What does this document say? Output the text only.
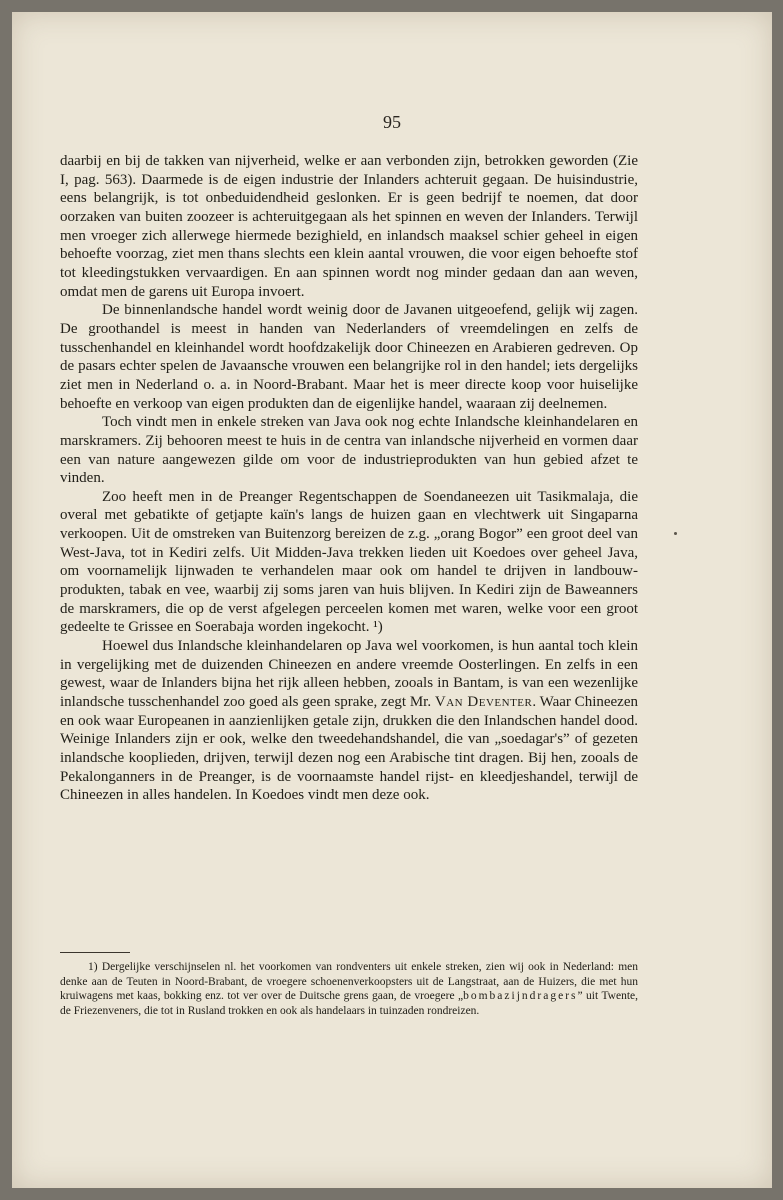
95

daarbij en bij de takken van nijverheid, welke er aan verbonden zijn, betrokken geworden (Zie I, pag. 563). Daarmede is de eigen industrie der Inlanders achteruit gegaan. De huisindustrie, eens belangrijk, is tot onbeduidendheid geslonken. Er is geen bedrijf te noemen, dat door oorzaken van buiten zoozeer is achteruitgegaan als het spinnen en weven der Inlanders. Terwijl men vroeger zich allerwege hiermede bezighield, en inlandsch maaksel schier geheel in eigen behoefte voorzag, ziet men thans slechts een klein aantal vrouwen, die voor eigen behoefte stof tot kleedingstukken vervaardigen. En aan spinnen wordt nog minder gedaan dan aan weven, omdat men de garens uit Europa invoert.

De binnenlandsche handel wordt weinig door de Javanen uitgeoefend, gelijk wij zagen. De groothandel is meest in handen van Nederlanders of vreemdelingen en zelfs de tusschenhandel en kleinhandel wordt hoofdzakelijk door Chineezen en Arabieren gedreven. Op de pasars echter spelen de Javaansche vrouwen een belangrijke rol in den handel; iets dergelijks ziet men in Nederland o. a. in Noord-Brabant. Maar het is meer directe koop voor huiselijke behoefte en verkoop van eigen produkten dan de eigenlijke handel, waaraan zij deelnemen.

Toch vindt men in enkele streken van Java ook nog echte Inlandsche kleinhandelaren en marskramers. Zij behooren meest te huis in de centra van inlandsche nijverheid en vormen daar een van nature aangewezen gilde om voor de industrieprodukten van hun gebied afzet te vinden.

Zoo heeft men in de Preanger Regentschappen de Soendaneezen uit Tasikmalaja, die overal met gebatikte of getjapte kaïn's langs de huizen gaan en vlechtwerk uit Singaparna verkoopen. Uit de omstreken van Buitenzorg bereizen de z.g. „orang Bogor” een groot deel van West-Java, tot in Kediri zelfs. Uit Midden-Java trekken lieden uit Koedoes over geheel Java, om voornamelijk lijnwaden te verhandelen maar ook om handel te drijven in landbouw-produkten, tabak en vee, waarbij zij soms jaren van huis blijven. In Kediri zijn de Baweanners de marskramers, die op de verst afgelegen perceelen komen met waren, welke voor een groot gedeelte te Grissee en Soerabaja worden ingekocht. ¹)

Hoewel dus Inlandsche kleinhandelaren op Java wel voorkomen, is hun aantal toch klein in vergelijking met de duizenden Chineezen en andere vreemde Oosterlingen. En zelfs in een gewest, waar de Inlanders bijna het rijk alleen hebben, zooals in Bantam, is van een wezenlijke inlandsche tusschenhandel zoo goed als geen sprake, zegt Mr. Van Deventer. Waar Chineezen en ook waar Europeanen in aanzienlijken getale zijn, drukken die den Inlandschen handel dood. Weinige Inlanders zijn er ook, welke den tweedehandshandel, die van „soedagar's” of gezeten inlandsche kooplieden, drijven, terwijl dezen nog een Arabische tint dragen. Bij hen, zooals de Pekalonganners in de Preanger, is de voornaamste handel rijst- en kleedjeshandel, terwijl de Chineezen in alles handelen. In Koedoes vindt men deze ook.

1) Dergelijke verschijnselen nl. het voorkomen van rondventers uit enkele streken, zien wij ook in Nederland: men denke aan de Teuten in Noord-Brabant, de vroegere schoenenverkoopsters uit de Langstraat, aan de Huizers, die met hun kruiwagens met kaas, bokking enz. tot ver over de Duitsche grens gaan, de vroegere „bombazijndragers” uit Twente, de Friezenveners, die tot in Rusland trokken en ook als handelaars in tuinzaden rondreizen.
